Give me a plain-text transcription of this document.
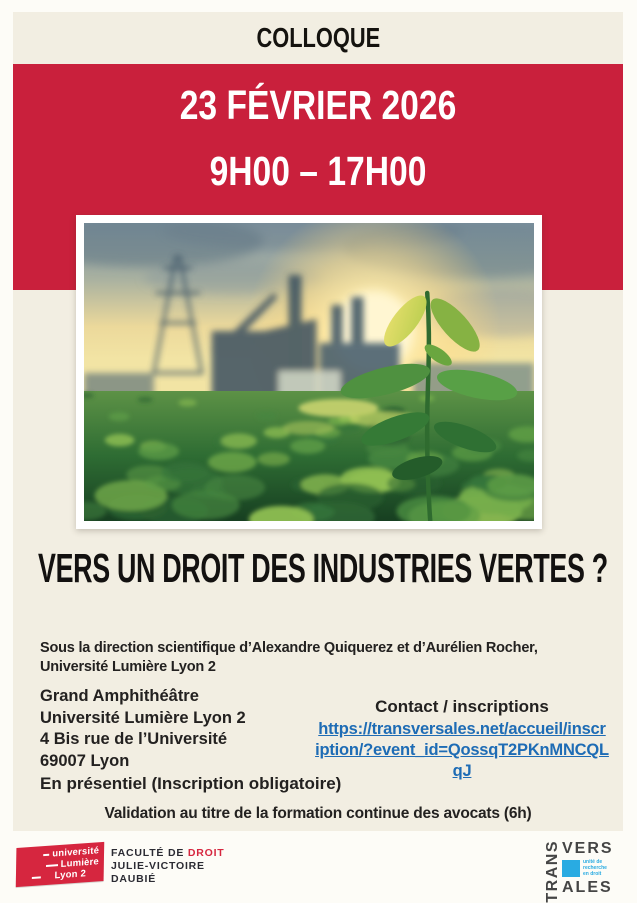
COLLOQUE
23 FÉVRIER 2026
9H00 – 17H00
VERS UN DROIT DES INDUSTRIES VERTES ?
Sous la direction scientifique d’Alexandre Quiquerez et d’Aurélien Rocher,
Université Lumière Lyon 2
Grand Amphithéâtre
Université Lumière Lyon 2
4 Bis rue de l’Université
69007 Lyon
Contact / inscriptions
https://transversales.net/accueil/inscr
iption/?event_id=QossqT2PKnMNCQL
qJ
En présentiel (Inscription obligatoire)
Validation au titre de la formation continue des avocats (6h)
université
Lumière
Lyon 2
FACULTÉ DE DROIT
JULIE-VICTOIRE
DAUBIÉ	TRANS VERS
unité de
recherche
en droit
ALES
